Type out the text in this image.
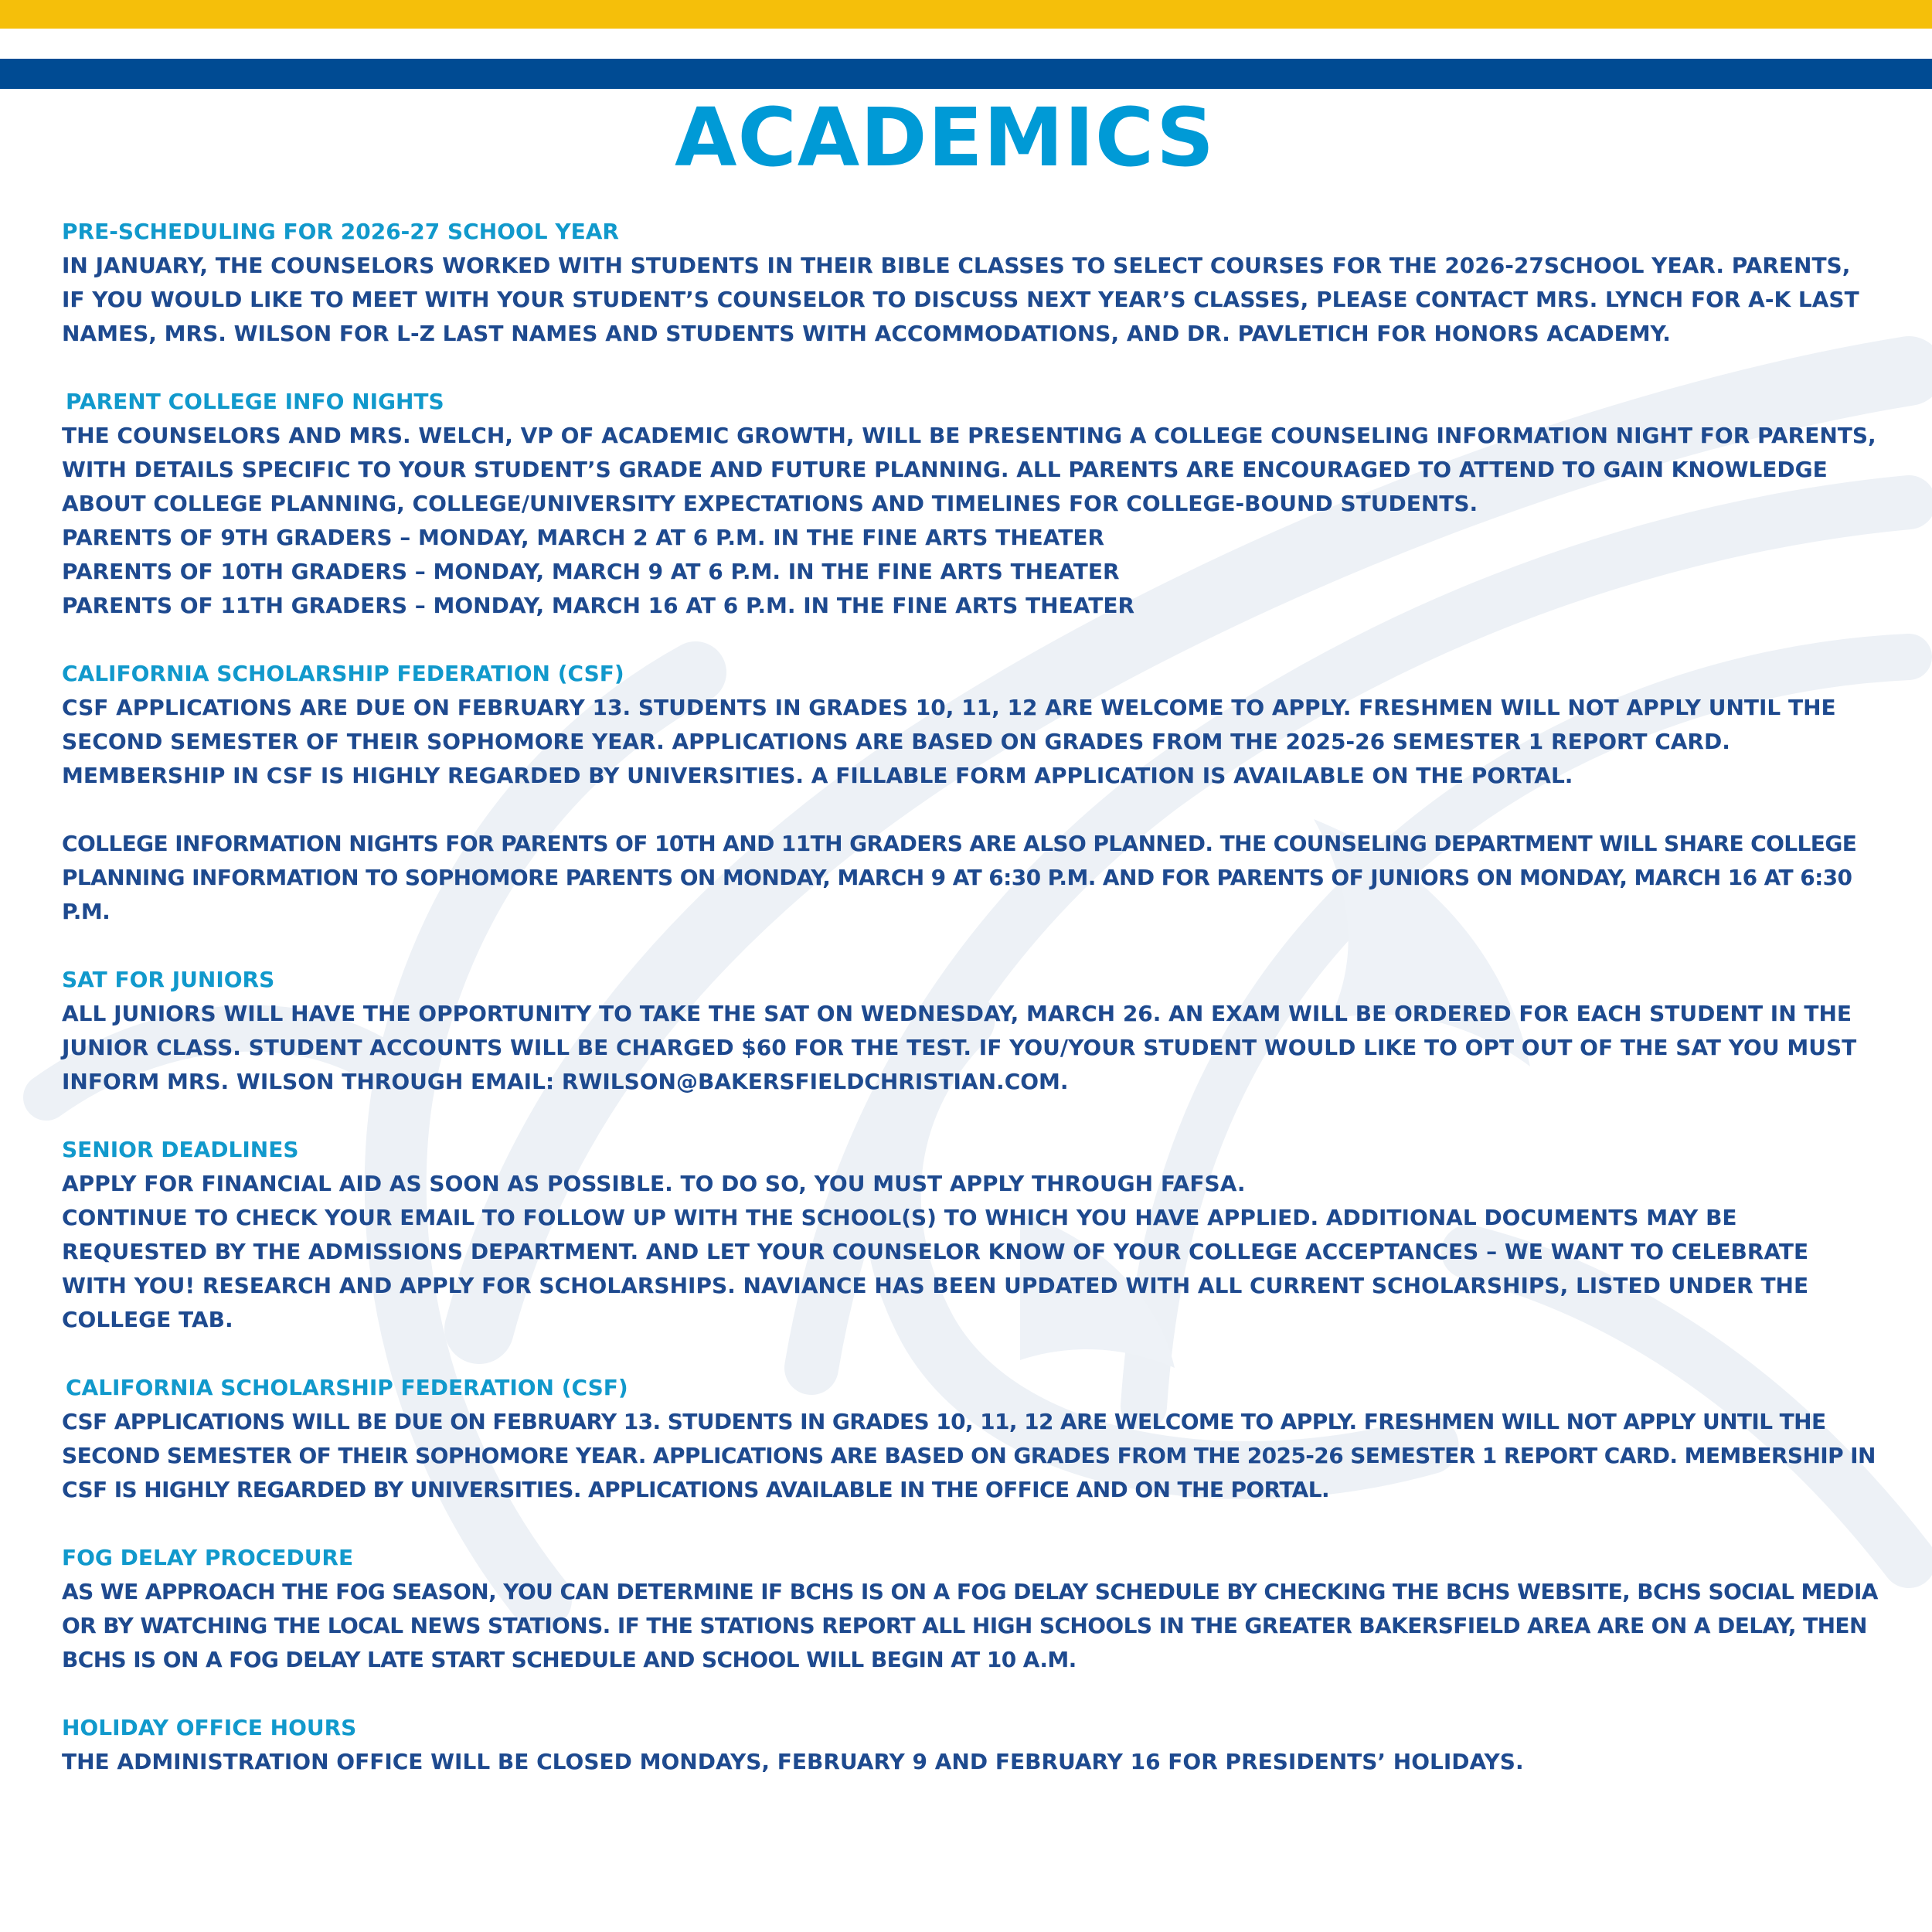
ACADEMICS

PRE-SCHEDULING FOR 2026-27 SCHOOL YEAR

IN JANUARY, THE COUNSELORS WORKED WITH STUDENTS IN THEIR BIBLE CLASSES TO SELECT COURSES FOR THE 2026-27SCHOOL YEAR. PARENTS, IF YOU WOULD LIKE TO MEET WITH YOUR STUDENT’S COUNSELOR TO DISCUSS NEXT YEAR’S CLASSES, PLEASE CONTACT MRS. LYNCH FOR A-K LAST NAMES, MRS. WILSON FOR L-Z LAST NAMES AND STUDENTS WITH ACCOMMODATIONS, AND DR. PAVLETICH FOR HONORS ACADEMY.

PARENT COLLEGE INFO NIGHTS

THE COUNSELORS AND MRS. WELCH, VP OF ACADEMIC GROWTH, WILL BE PRESENTING A COLLEGE COUNSELING INFORMATION NIGHT FOR PARENTS, WITH DETAILS SPECIFIC TO YOUR STUDENT’S GRADE AND FUTURE PLANNING. ALL PARENTS ARE ENCOURAGED TO ATTEND TO GAIN KNOWLEDGE ABOUT COLLEGE PLANNING, COLLEGE/UNIVERSITY EXPECTATIONS AND TIMELINES FOR COLLEGE-BOUND STUDENTS.

PARENTS OF 9TH GRADERS – MONDAY, MARCH 2 AT 6 P.M. IN THE FINE ARTS THEATER

PARENTS OF 10TH GRADERS – MONDAY, MARCH 9 AT 6 P.M. IN THE FINE ARTS THEATER

PARENTS OF 11TH GRADERS – MONDAY, MARCH 16 AT 6 P.M. IN THE FINE ARTS THEATER

CALIFORNIA SCHOLARSHIP FEDERATION (CSF)

CSF APPLICATIONS ARE DUE ON FEBRUARY 13. STUDENTS IN GRADES 10, 11, 12 ARE WELCOME TO APPLY. FRESHMEN WILL NOT APPLY UNTIL THE SECOND SEMESTER OF THEIR SOPHOMORE YEAR. APPLICATIONS ARE BASED ON GRADES FROM THE 2025-26 SEMESTER 1 REPORT CARD. MEMBERSHIP IN CSF IS HIGHLY REGARDED BY UNIVERSITIES. A FILLABLE FORM APPLICATION IS AVAILABLE ON THE PORTAL.

COLLEGE INFORMATION NIGHTS FOR PARENTS OF 10TH AND 11TH GRADERS ARE ALSO PLANNED. THE COUNSELING DEPARTMENT WILL SHARE COLLEGE PLANNING INFORMATION TO SOPHOMORE PARENTS ON MONDAY, MARCH 9 AT 6:30 P.M. AND FOR PARENTS OF JUNIORS ON MONDAY, MARCH 16 AT 6:30 P.M.

SAT FOR JUNIORS

ALL JUNIORS WILL HAVE THE OPPORTUNITY TO TAKE THE SAT ON WEDNESDAY, MARCH 26. AN EXAM WILL BE ORDERED FOR EACH STUDENT IN THE JUNIOR CLASS. STUDENT ACCOUNTS WILL BE CHARGED $60 FOR THE TEST. IF YOU/YOUR STUDENT WOULD LIKE TO OPT OUT OF THE SAT YOU MUST INFORM MRS. WILSON THROUGH EMAIL: RWILSON@BAKERSFIELDCHRISTIAN.COM.

SENIOR DEADLINES

APPLY FOR FINANCIAL AID AS SOON AS POSSIBLE. TO DO SO, YOU MUST APPLY THROUGH FAFSA.

CONTINUE TO CHECK YOUR EMAIL TO FOLLOW UP WITH THE SCHOOL(S) TO WHICH YOU HAVE APPLIED. ADDITIONAL DOCUMENTS MAY BE REQUESTED BY THE ADMISSIONS DEPARTMENT. AND LET YOUR COUNSELOR KNOW OF YOUR COLLEGE ACCEPTANCES – WE WANT TO CELEBRATE WITH YOU! RESEARCH AND APPLY FOR SCHOLARSHIPS. NAVIANCE HAS BEEN UPDATED WITH ALL CURRENT SCHOLARSHIPS, LISTED UNDER THE COLLEGE TAB.

CALIFORNIA SCHOLARSHIP FEDERATION (CSF)

CSF APPLICATIONS WILL BE DUE ON FEBRUARY 13. STUDENTS IN GRADES 10, 11, 12 ARE WELCOME TO APPLY. FRESHMEN WILL NOT APPLY UNTIL THE SECOND SEMESTER OF THEIR SOPHOMORE YEAR. APPLICATIONS ARE BASED ON GRADES FROM THE 2025-26 SEMESTER 1 REPORT CARD. MEMBERSHIP IN CSF IS HIGHLY REGARDED BY UNIVERSITIES. APPLICATIONS AVAILABLE IN THE OFFICE AND ON THE PORTAL.

FOG DELAY PROCEDURE

AS WE APPROACH THE FOG SEASON, YOU CAN DETERMINE IF BCHS IS ON A FOG DELAY SCHEDULE BY CHECKING THE BCHS WEBSITE, BCHS SOCIAL MEDIA OR BY WATCHING THE LOCAL NEWS STATIONS. IF THE STATIONS REPORT ALL HIGH SCHOOLS IN THE GREATER BAKERSFIELD AREA ARE ON A DELAY, THEN BCHS IS ON A FOG DELAY LATE START SCHEDULE AND SCHOOL WILL BEGIN AT 10 A.M.

HOLIDAY OFFICE HOURS

THE ADMINISTRATION OFFICE WILL BE CLOSED MONDAYS, FEBRUARY 9 AND FEBRUARY 16 FOR PRESIDENTS’ HOLIDAYS.
